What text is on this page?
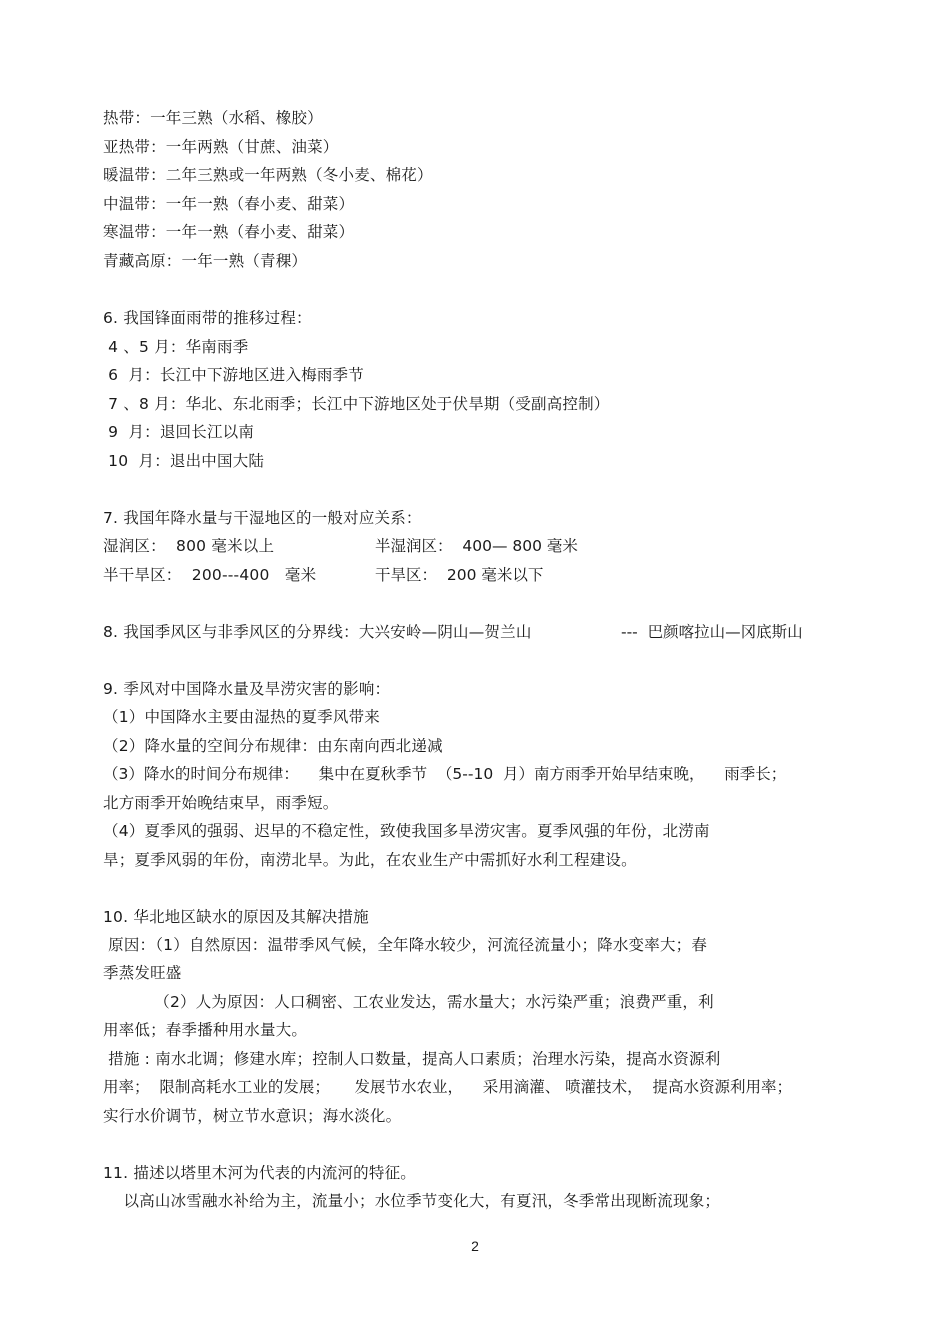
热带：一年三熟（水稻、橡胶）
亚热带：一年两熟（甘蔗、油菜）
暖温带：二年三熟或一年两熟（冬小麦、棉花）
中温带：一年一熟（春小麦、甜菜）
寒温带：一年一熟（春小麦、甜菜）
青藏高原：一年一熟（青稞）
6. 我国锋面雨带的推移过程：
4 、5 月：华南雨季
6  月：长江中下游地区进入梅雨季节
7 、8 月：华北、东北雨季；长江中下游地区处于伏旱期（受副高控制）
9  月：退回长江以南
10  月：退出中国大陆
7. 我国年降水量与干湿地区的一般对应关系：
湿润区：  800 毫米以上	半湿润区：  400— 800 毫米
半干旱区：  200---400   毫米	干旱区：  200 毫米以下
8. 我国季风区与非季风区的分界线：大兴安岭—阴山—贺兰山	---  巴颜喀拉山—冈底斯山
9. 季风对中国降水量及旱涝灾害的影响：
（1）中国降水主要由湿热的夏季风带来
（2）降水量的空间分布规律：由东南向西北递减
（3）降水的时间分布规律：    集中在夏秋季节  （5--10  月）南方雨季开始早结束晚，    雨季长；
北方雨季开始晚结束早，雨季短。
（4）夏季风的强弱、迟早的不稳定性，致使我国多旱涝灾害。夏季风强的年份，北涝南
旱；夏季风弱的年份，南涝北旱。为此，在农业生产中需抓好水利工程建设。
10. 华北地区缺水的原因及其解决措施
原因：（1）自然原因：温带季风气候，全年降水较少，河流径流量小；降水变率大；春
季蒸发旺盛
（2）人为原因：人口稠密、工农业发达，需水量大；水污染严重；浪费严重，利
用率低；春季播种用水量大。
措施 : 南水北调；修建水库；控制人口数量，提高人口素质；治理水污染，提高水资源利
用率；  限制高耗水工业的发展；     发展节水农业，    采用滴灌、 喷灌技术，  提高水资源利用率；
实行水价调节，树立节水意识；海水淡化。
11. 描述以塔里木河为代表的内流河的特征。
以高山冰雪融水补给为主，流量小；水位季节变化大，有夏汛，冬季常出现断流现象；
2
